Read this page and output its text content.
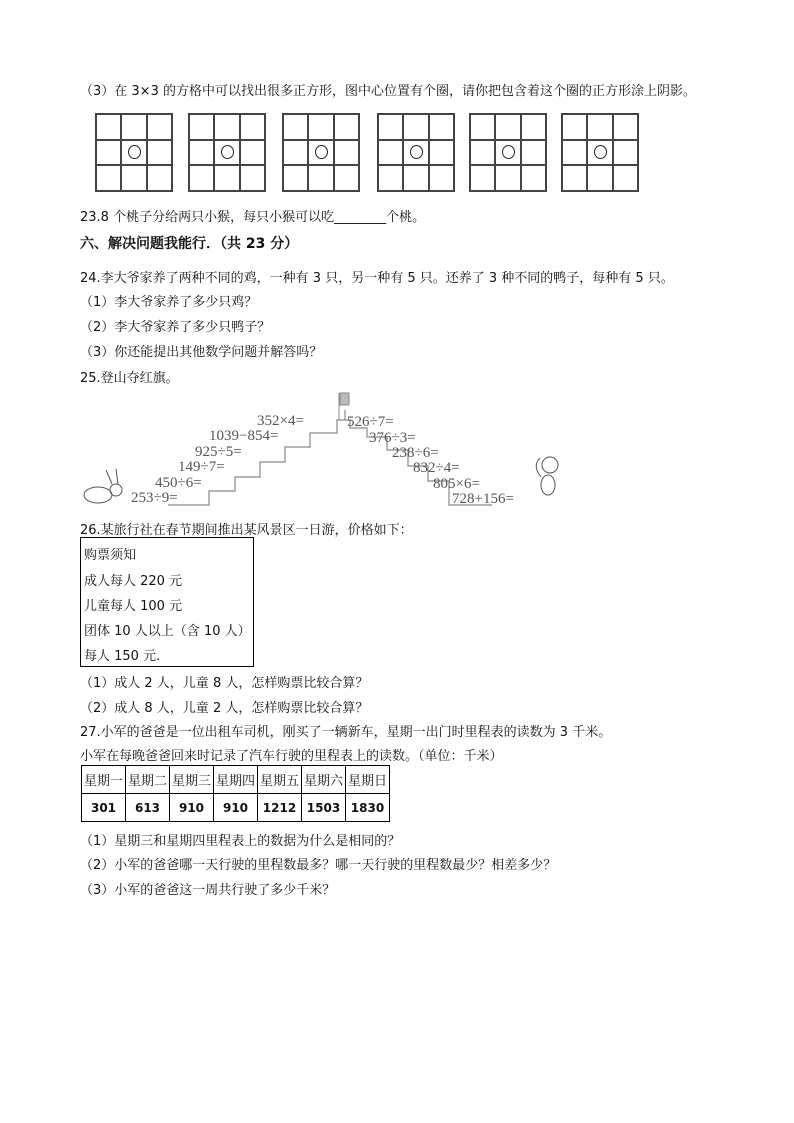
（3）在 3×3 的方格中可以找出很多正方形，图中心位置有个圈，请你把包含着这个圈的正方形涂上阴影。
23.8 个桃子分给两只小猴，每只小猴可以吃________个桃。
六、解决问题我能行．（共 23 分）
24.李大爷家养了两种不同的鸡，一种有 3 只，另一种有 5 只。还养了 3 种不同的鸭子，每种有 5 只。
（1）李大爷家养了多少只鸡？
（2）李大爷家养了多少只鸭子？
（3）你还能提出其他数学问题并解答吗？
25.登山夺红旗。
253÷9=
450÷6=
149÷7=
925÷5=
1039−854=
352×4=	526÷7=
376÷3=
238÷6=
832÷4=
805×6=
728+156=
26.某旅行社在春节期间推出某风景区一日游，价格如下：
购票须知
成人每人 220 元
儿童每人 100 元
团体 10 人以上（含 10 人）
每人 150 元．
（1）成人 2 人，儿童 8 人，怎样购票比较合算？
（2）成人 8 人，儿童 2 人，怎样购票比较合算？
27.小军的爸爸是一位出租车司机，刚买了一辆新车，星期一出门时里程表的读数为 3 千米。
小军在每晚爸爸回来时记录了汽车行驶的里程表上的读数。（单位：千米）
星期一	星期二	星期三	星期四	星期五	星期六	星期日
301	613	910	910	1212	1503	1830
（1）星期三和星期四里程表上的数据为什么是相同的？
（2）小军的爸爸哪一天行驶的里程数最多？哪一天行驶的里程数最少？相差多少？
（3）小军的爸爸这一周共行驶了多少千米？
